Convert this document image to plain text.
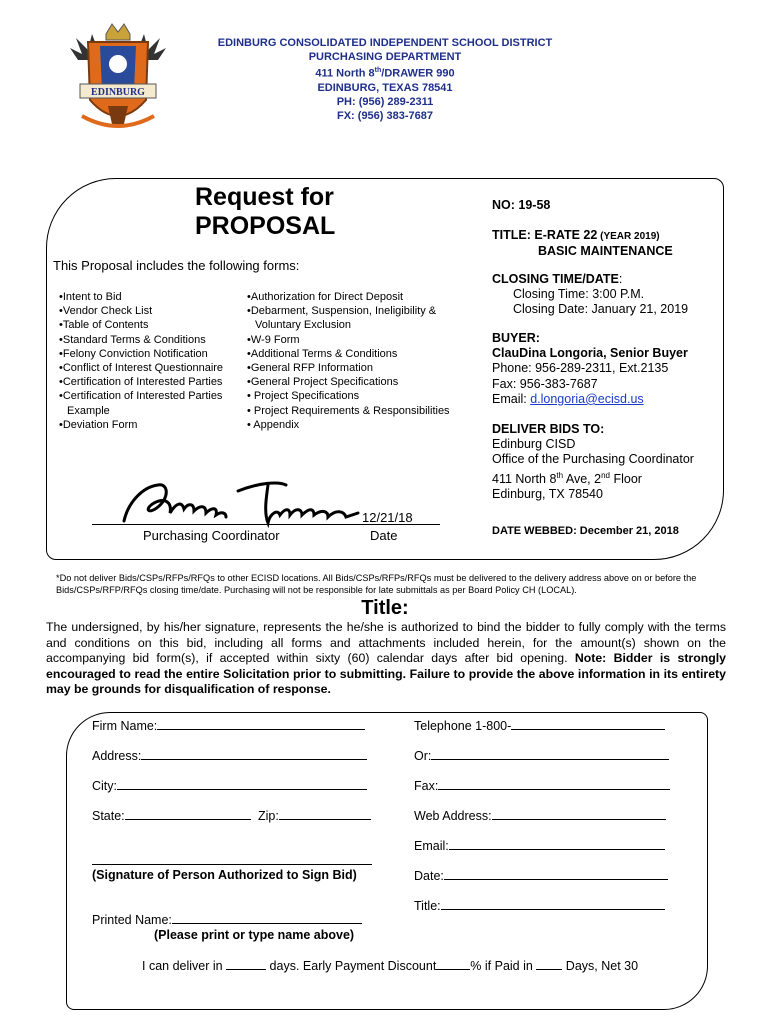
EDINBURG
EDINBURG CONSOLIDATED INDEPENDENT SCHOOL DISTRICT
PURCHASING DEPARTMENT
411 North 8th/DRAWER 990
EDINBURG, TEXAS 78541
PH: (956) 289-2311
FX: (956) 383-7687
Request for
PROPOSAL
This Proposal includes the following forms:
• Intent to Bid
• Vendor Check List
• Table of Contents
• Standard Terms & Conditions
• Felony Conviction Notification
• Conflict of Interest Questionnaire
• Certification of Interested Parties
• Certification of Interested Parties
Example
• Deviation Form
• Authorization for Direct Deposit
• Debarment, Suspension, Ineligibility &
Voluntary Exclusion
• W-9 Form
• Additional Terms & Conditions
• General RFP Information
• General Project Specifications
• Project Specifications
• Project Requirements & Responsibilities
• Appendix
NO: 19-58
TITLE: E-RATE 22 (YEAR 2019)
BASIC MAINTENANCE
CLOSING TIME/DATE:
Closing Time: 3:00 P.M.
Closing Date: January 21, 2019
BUYER:
ClauDina Longoria, Senior Buyer
Phone: 956-289-2311, Ext.2135
Fax: 956-383-7687
Email: d.longoria@ecisd.us
DELIVER BIDS TO:
Edinburg CISD
Office of the Purchasing Coordinator
411 North 8th Ave, 2nd Floor
Edinburg, TX 78540
DATE WEBBED: December 21, 2018
12/21/18
Purchasing Coordinator	Date
*Do not deliver Bids/CSPs/RFPs/RFQs to other ECISD locations. All Bids/CSPs/RFPs/RFQs must be delivered to the delivery address above on or before the Bids/CSPs/RFP/RFQs closing time/date. Purchasing will not be responsible for late submittals as per Board Policy CH (LOCAL).
Title:
The undersigned, by his/her signature, represents the he/she is authorized to bind the bidder to fully comply with the terms and conditions on this bid, including all forms and attachments included herein, for the amount(s) shown on the accompanying bid form(s), if accepted within sixty (60) calendar days after bid opening. Note: Bidder is strongly encouraged to read the entire Solicitation prior to submitting. Failure to provide the above information in its entirety may be grounds for disqualification of response.
Firm Name:
Address:
City:
State:	Zip:
(Signature of Person Authorized to Sign Bid)
Printed Name:
(Please print or type name above)
Telephone 1-800-
Or:
Fax:
Web Address:
Email:
Date:
Title:
I can deliver in	days. Early Payment Discount	% if Paid in  Days, Net 30
